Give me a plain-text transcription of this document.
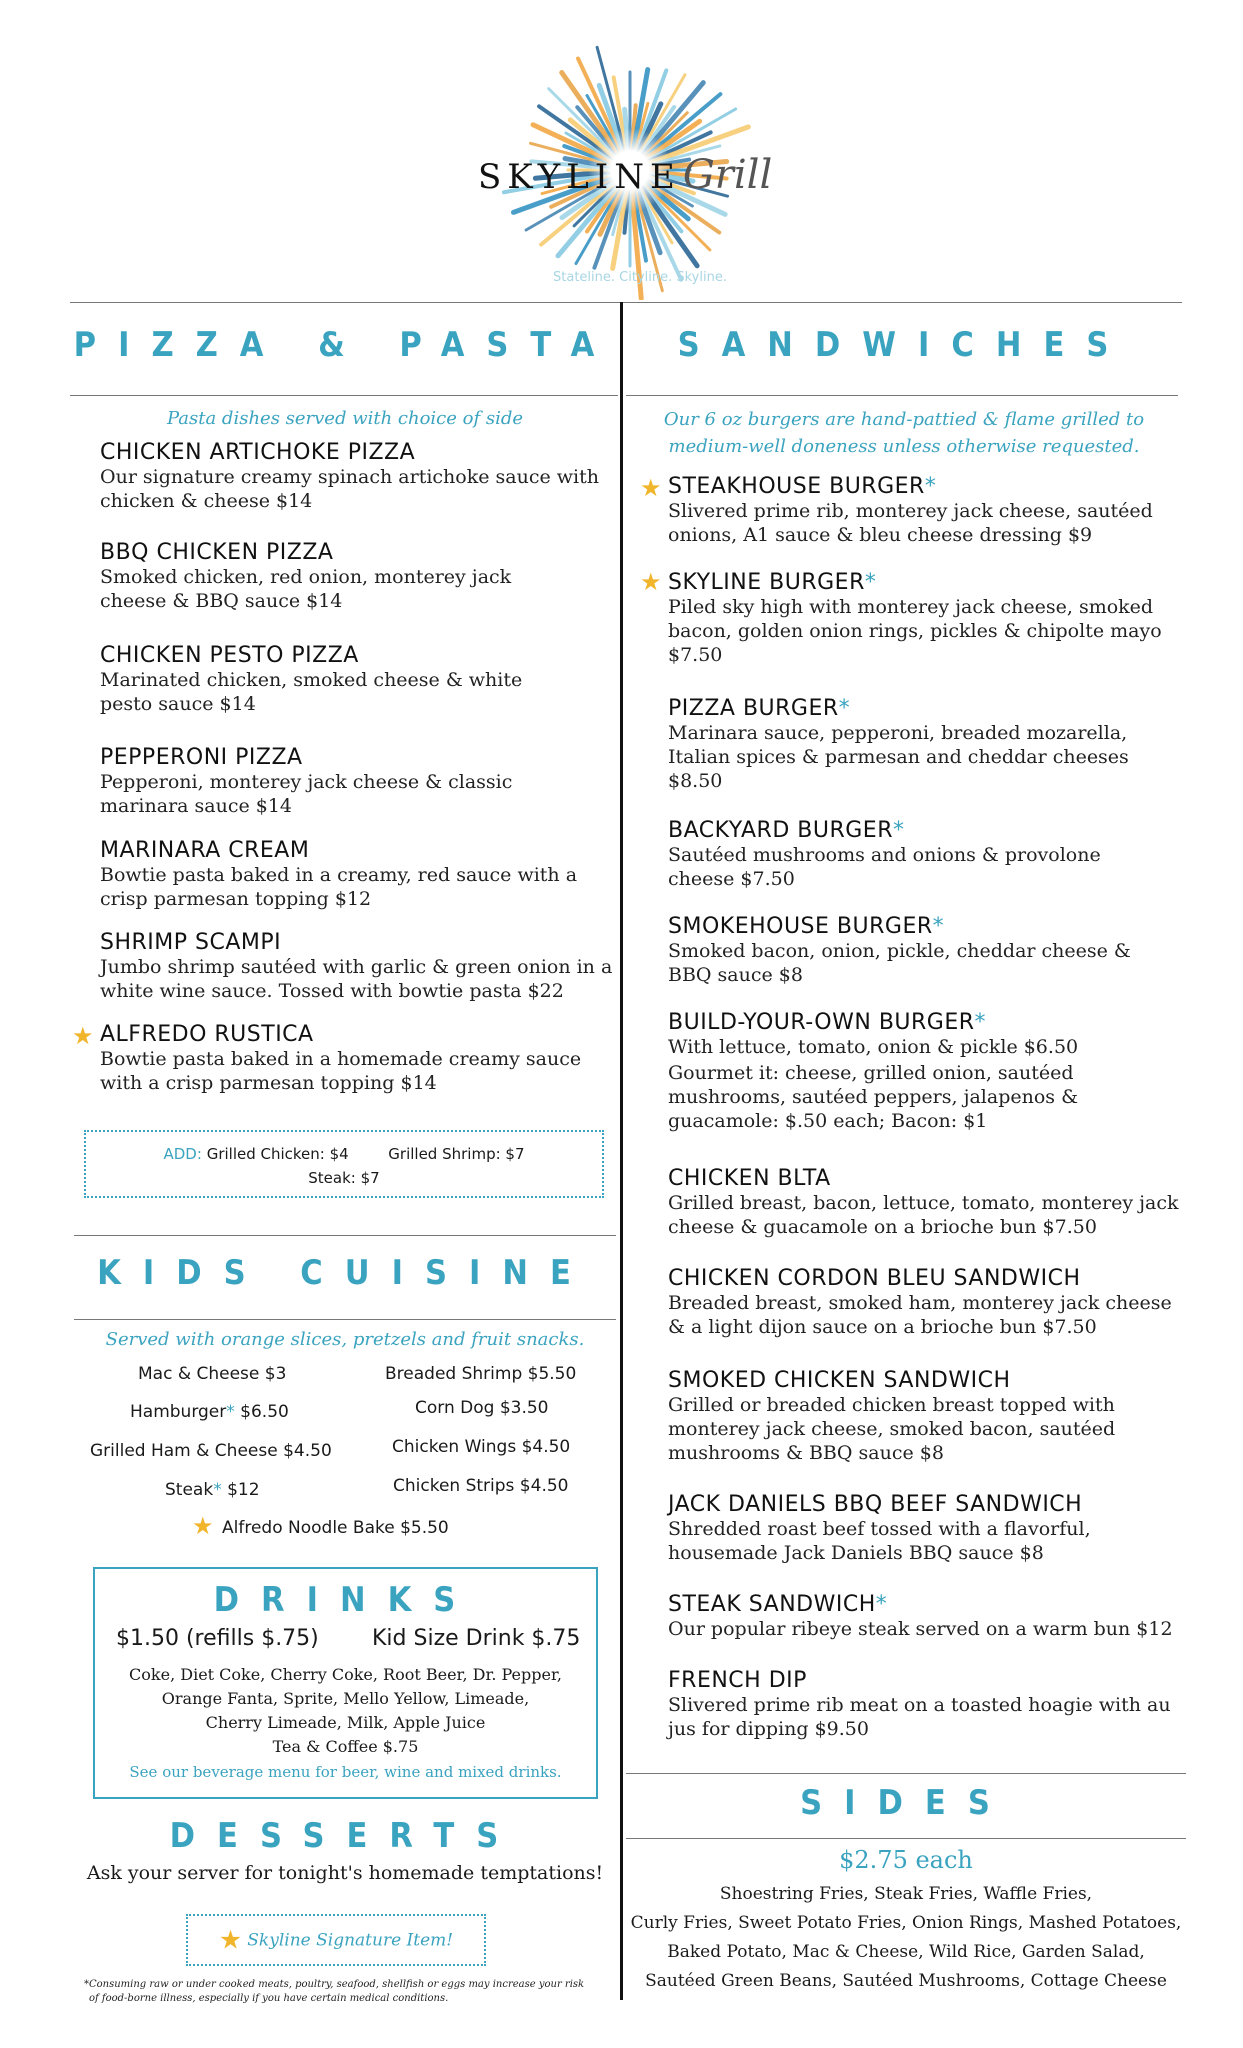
SKYLINEGrill
Stateline. Cityline. Skyline.
PIZZA & PASTA
Pasta dishes served with choice of side
CHICKEN ARTICHOKE PIZZA
Our signature creamy spinach artichoke sauce with chicken & cheese $14
BBQ CHICKEN PIZZA
Smoked chicken, red onion, monterey jack cheese & BBQ sauce $14
CHICKEN PESTO PIZZA
Marinated chicken, smoked cheese & white pesto sauce $14
PEPPERONI PIZZA
Pepperoni, monterey jack cheese & classic marinara sauce $14
MARINARA CREAM
Bowtie pasta baked in a creamy, red sauce with a crisp parmesan topping $12
SHRIMP SCAMPI
Jumbo shrimp sautéed with garlic & green onion in a white wine sauce. Tossed with bowtie pasta $22
ALFREDO RUSTICA
Bowtie pasta baked in a homemade creamy sauce with a crisp parmesan topping $14
★
ADD: Grilled Chicken: $4	Grilled Shrimp: $7
Steak: $7
KIDS CUISINE
Served with orange slices, pretzels and fruit snacks.
Mac & Cheese $3
Hamburger* $6.50
Grilled Ham & Cheese $4.50
Steak* $12
Breaded Shrimp $5.50
Corn Dog $3.50
Chicken Wings $4.50
Chicken Strips $4.50
★ Alfredo Noodle Bake $5.50
DRINKS
$1.50 (refills $.75) Kid Size Drink $.75
Coke, Diet Coke, Cherry Coke, Root Beer, Dr. Pepper,
Orange Fanta, Sprite, Mello Yellow, Limeade,
Cherry Limeade, Milk, Apple Juice
Tea & Coffee $.75
See our beverage menu for beer, wine and mixed drinks.
DESSERTS
Ask your server for tonight's homemade temptations!
★ Skyline Signature Item!
*Consuming raw or under cooked meats, poultry, seafood, shellfish or eggs may increase your risk
of food-borne illness, especially if you have certain medical conditions.
SANDWICHES
Our 6 oz burgers are hand-pattied & flame grilled to
medium-well doneness unless otherwise requested.
★
★
STEAKHOUSE BURGER*
Slivered prime rib, monterey jack cheese, sautéed onions, A1 sauce & bleu cheese dressing $9
SKYLINE BURGER*
Piled sky high with monterey jack cheese, smoked bacon, golden onion rings, pickles & chipolte mayo $7.50
PIZZA BURGER*
Marinara sauce, pepperoni, breaded mozarella, Italian spices & parmesan and cheddar cheeses $8.50
BACKYARD BURGER*
Sautéed mushrooms and onions & provolone cheese $7.50
SMOKEHOUSE BURGER*
Smoked bacon, onion, pickle, cheddar cheese & BBQ sauce $8
BUILD-YOUR-OWN BURGER*
With lettuce, tomato, onion & pickle $6.50
Gourmet it: cheese, grilled onion, sautéed mushrooms, sautéed peppers, jalapenos & guacamole: $.50 each; Bacon: $1
CHICKEN BLTA
Grilled breast, bacon, lettuce, tomato, monterey jack cheese & guacamole on a brioche bun $7.50
CHICKEN CORDON BLEU SANDWICH
Breaded breast, smoked ham, monterey jack cheese & a light dijon sauce on a brioche bun $7.50
SMOKED CHICKEN SANDWICH
Grilled or breaded chicken breast topped with monterey jack cheese, smoked bacon, sautéed mushrooms & BBQ sauce $8
JACK DANIELS BBQ BEEF SANDWICH
Shredded roast beef tossed with a flavorful, housemade Jack Daniels BBQ sauce $8
STEAK SANDWICH*
Our popular ribeye steak served on a warm bun $12
FRENCH DIP
Slivered prime rib meat on a toasted hoagie with au jus for dipping $9.50
SIDES
$2.75 each
Shoestring Fries, Steak Fries, Waffle Fries,
Curly Fries, Sweet Potato Fries, Onion Rings, Mashed Potatoes,
Baked Potato, Mac & Cheese, Wild Rice, Garden Salad,
Sautéed Green Beans, Sautéed Mushrooms, Cottage Cheese
